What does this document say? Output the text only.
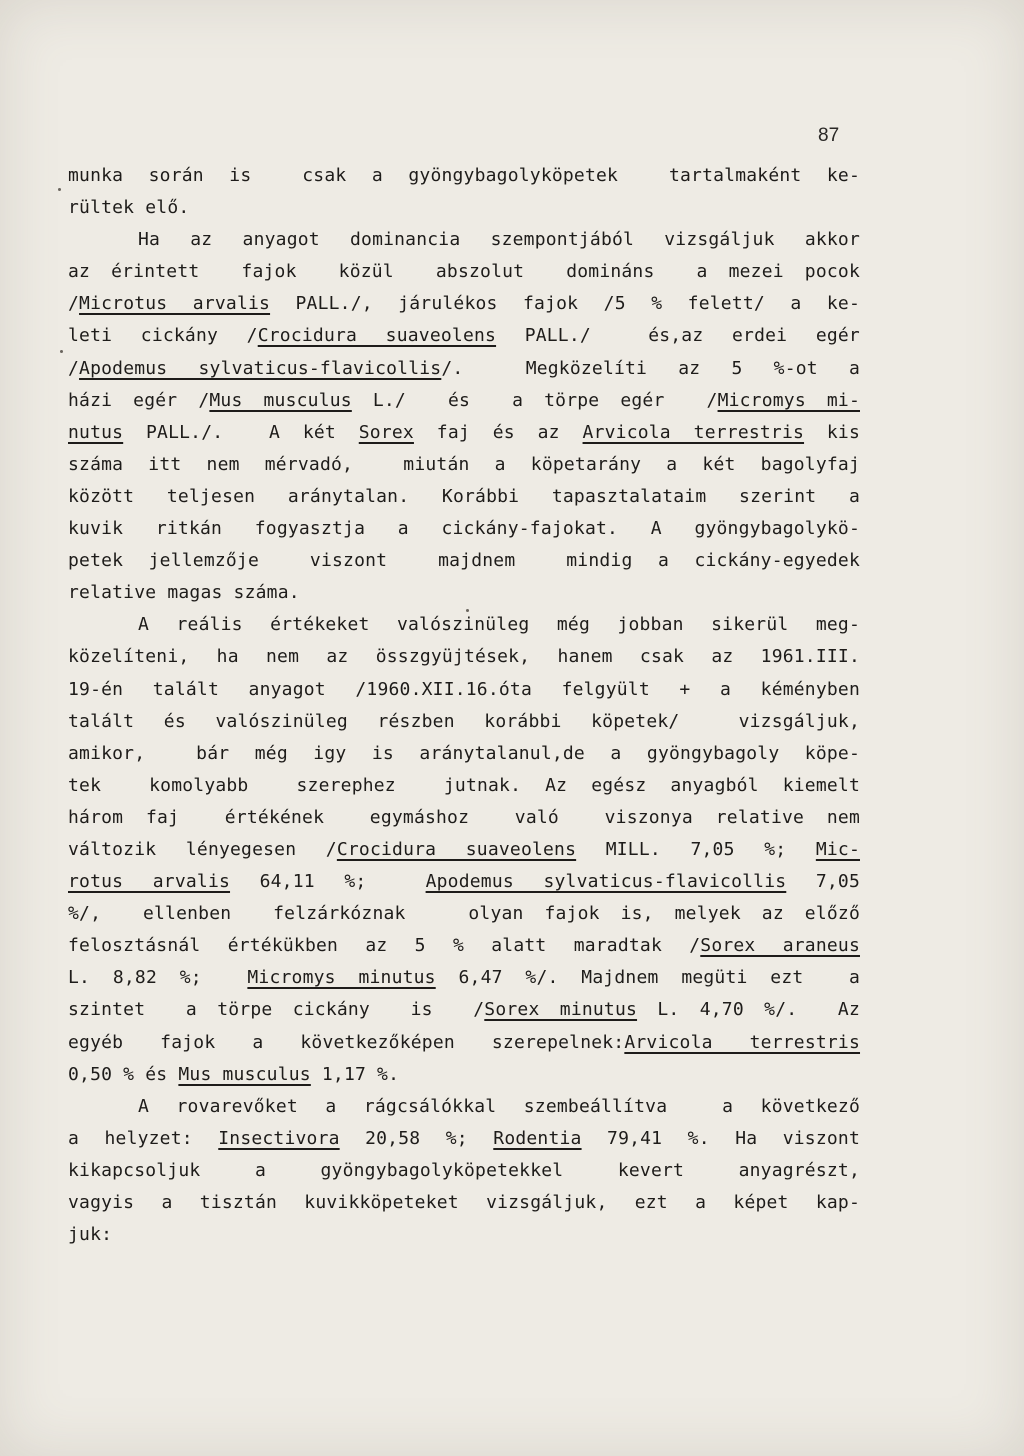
87
munka során is  csak a gyöngybagolyköpetek  tartalmaként ke-
rültek elő.
Ha az anyagot dominancia szempontjából vizsgáljuk akkor
az érintett  fajok  közül  abszolut  domináns  a mezei pocok
/Microtus arvalis PALL./, járulékos fajok /5 % felett/ a ke-
leti cickány /Crocidura suaveolens PALL./  és,az erdei egér
/Apodemus sylvaticus-flavicollis/.  Megközelíti az 5 %-ot a
házi egér /Mus musculus L./  és  a törpe egér  /Micromys mi-
nutus PALL./.  A két Sorex faj és az Arvicola terrestris kis
száma itt nem mérvadó,  miután a köpetarány a két bagolyfaj
között teljesen aránytalan. Korábbi tapasztalataim szerint a
kuvik ritkán fogyasztja a cickány-fajokat. A gyöngybagolykö-
petek jellemzője  viszont  majdnem  mindig a cickány-egyedek
relative magas száma.
A reális értékeket valószinüleg még jobban sikerül meg-
közelíteni, ha nem az összgyüjtések, hanem csak az 1961.III.
19-én talált anyagot /1960.XII.16.óta felgyült + a kéményben
talált és valószinüleg részben korábbi köpetek/  vizsgáljuk,
amikor,  bár még igy is aránytalanul,de a gyöngybagoly köpe-
tek  komolyabb  szerephez  jutnak. Az egész anyagból kiemelt
három faj  értékének  egymáshoz  való  viszonya relative nem
változik lényegesen /Crocidura suaveolens MILL. 7,05 %; Mic-
rotus arvalis 64,11 %;  Apodemus sylvaticus-flavicollis 7,05
%/,  ellenben  felzárkóznak   olyan fajok is, melyek az előző
felosztásnál értékükben az 5 % alatt maradtak /Sorex araneus
L. 8,82 %;  Micromys minutus 6,47 %/. Majdnem megüti ezt  a
szintet  a törpe cickány  is  /Sorex minutus L. 4,70 %/.  Az
egyéb fajok a következőképen szerepelnek:Arvicola terrestris
0,50 % és Mus musculus 1,17 %.
A rovarevőket a rágcsálókkal szembeállítva  a következő
a helyzet: Insectivora 20,58 %; Rodentia 79,41 %. Ha viszont
kikapcsoljuk  a  gyöngybagolyköpetekkel  kevert  anyagrészt,
vagyis a tisztán kuvikköpeteket vizsgáljuk, ezt a képet kap-
juk:
